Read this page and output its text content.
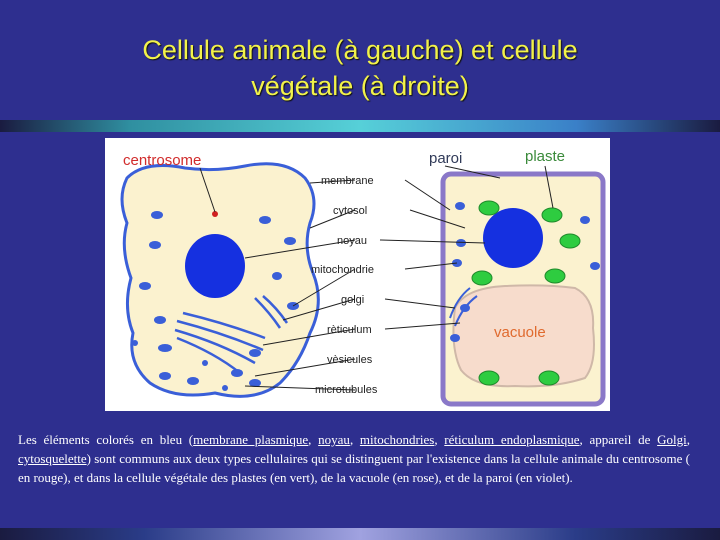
Cellule animale (à gauche) et cellule
végétale (à droite)
centrosome	paroi	plaste
membrane
cytosol
noyau
mitochondrie
golgi
rèticulum
vèsicules
microtubules
vacuole
Les éléments colorés en bleu (membrane plasmique, noyau, mitochondries, réticulum endoplasmique, appareil de Golgi, cytosquelette) sont communs aux deux types cellulaires qui se distinguent par l'existence dans la cellule animale du centrosome ( en rouge), et dans la cellule végétale des plastes (en vert), de la vacuole (en rose), et de la paroi (en violet).
